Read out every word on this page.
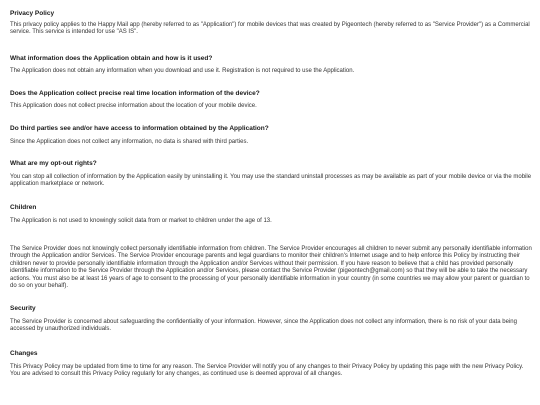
Privacy Policy

This privacy policy applies to the Happy Mail app (hereby referred to as "Application") for mobile devices that was created by Pigeontech (hereby referred to as "Service Provider") as a Commercial service. This service is intended for use "AS IS".

What information does the Application obtain and how is it used?

The Application does not obtain any information when you download and use it. Registration is not required to use the Application.

Does the Application collect precise real time location information of the device?

This Application does not collect precise information about the location of your mobile device.

Do third parties see and/or have access to information obtained by the Application?

Since the Application does not collect any information, no data is shared with third parties.

What are my opt-out rights?

You can stop all collection of information by the Application easily by uninstalling it. You may use the standard uninstall processes as may be available as part of your mobile device or via the mobile application marketplace or network.

Children

The Application is not used to knowingly solicit data from or market to children under the age of 13.

The Service Provider does not knowingly collect personally identifiable information from children. The Service Provider encourages all children to never submit any personally identifiable information through the Application and/or Services. The Service Provider encourage parents and legal guardians to monitor their children's Internet usage and to help enforce this Policy by instructing their children never to provide personally identifiable information through the Application and/or Services without their permission. If you have reason to believe that a child has provided personally identifiable information to the Service Provider through the Application and/or Services, please contact the Service Provider (pigeontech@gmail.com) so that they will be able to take the necessary actions. You must also be at least 16 years of age to consent to the processing of your personally identifiable information in your country (in some countries we may allow your parent or guardian to do so on your behalf).

Security

The Service Provider is concerned about safeguarding the confidentiality of your information. However, since the Application does not collect any information, there is no risk of your data being accessed by unauthorized individuals.

Changes

This Privacy Policy may be updated from time to time for any reason. The Service Provider will notify you of any changes to their Privacy Policy by updating this page with the new Privacy Policy. You are advised to consult this Privacy Policy regularly for any changes, as continued use is deemed approval of all changes.
